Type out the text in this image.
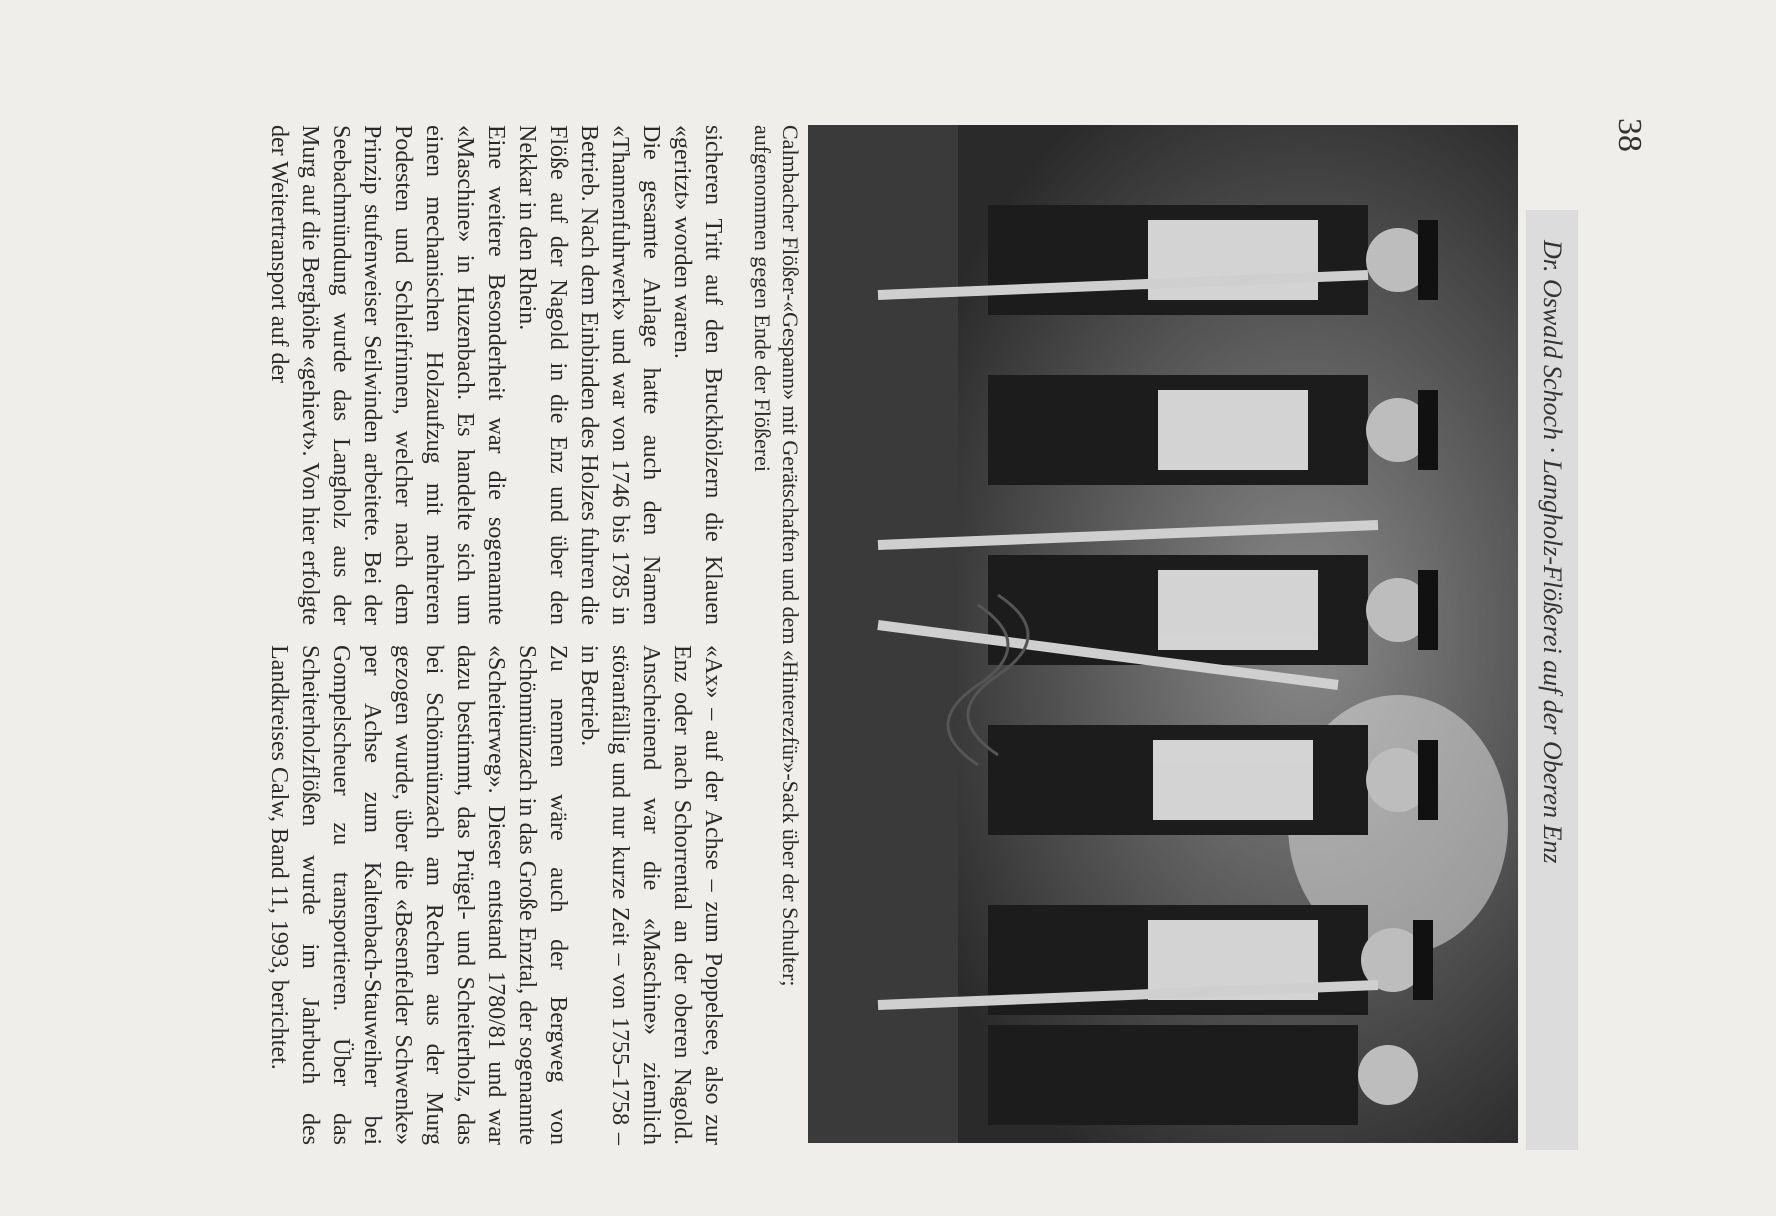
38
Dr. Oswald Schoch · Langholz-Flößerei auf der Oberen Enz

Calmbacher Flößer-«Gespann» mit Gerätschaften und dem «Hinterezfür»-Sack über der Schulter;

aufgenommen gegen Ende der Flößerei

sicheren Tritt auf den Bruckhölzern die Klauen «geritzt» worden waren.

Die gesamte Anlage hatte auch den Namen «Thannenfuhrwerk» und war von 1746 bis 1785 in Betrieb. Nach dem Einbinden des Holzes fuhren die Flöße auf der Nagold in die Enz und über den Nekkar in den Rhein.

Eine weitere Besonderheit war die sogenannte «Maschine» in Huzenbach. Es handelte sich um einen mechanischen Holzaufzug mit mehreren Podesten und Schleifrinnen, welcher nach dem Prinzip stufenweiser Seilwinden arbeitete. Bei der Seebachmündung wurde das Langholz aus der Murg auf die Berghöhe «gehievt». Von hier erfolgte der Weitertransport auf der

«Ax» – auf der Achse – zum Poppelsee, also zur Enz oder nach Schorrental an der oberen Nagold. Anscheinend war die «Maschine» ziemlich störanfällig und nur kurze Zeit – von 1755–1758 – in Betrieb.

Zu nennen wäre auch der Bergweg von Schönmünzach in das Große Enztal, der sogenannte «Scheiterweg». Dieser entstand 1780/81 und war dazu bestimmt, das Prügel- und Scheiterholz, das bei Schönmünzach am Rechen aus der Murg gezogen wurde, über die «Besenfelder Schwenke» per Achse zum Kaltenbach-Stauweiher bei Gompelscheuer zu transportieren. Über das Scheiterholzflößen wurde im Jahrbuch des Landkreises Calw, Band 11, 1993, berichtet.
